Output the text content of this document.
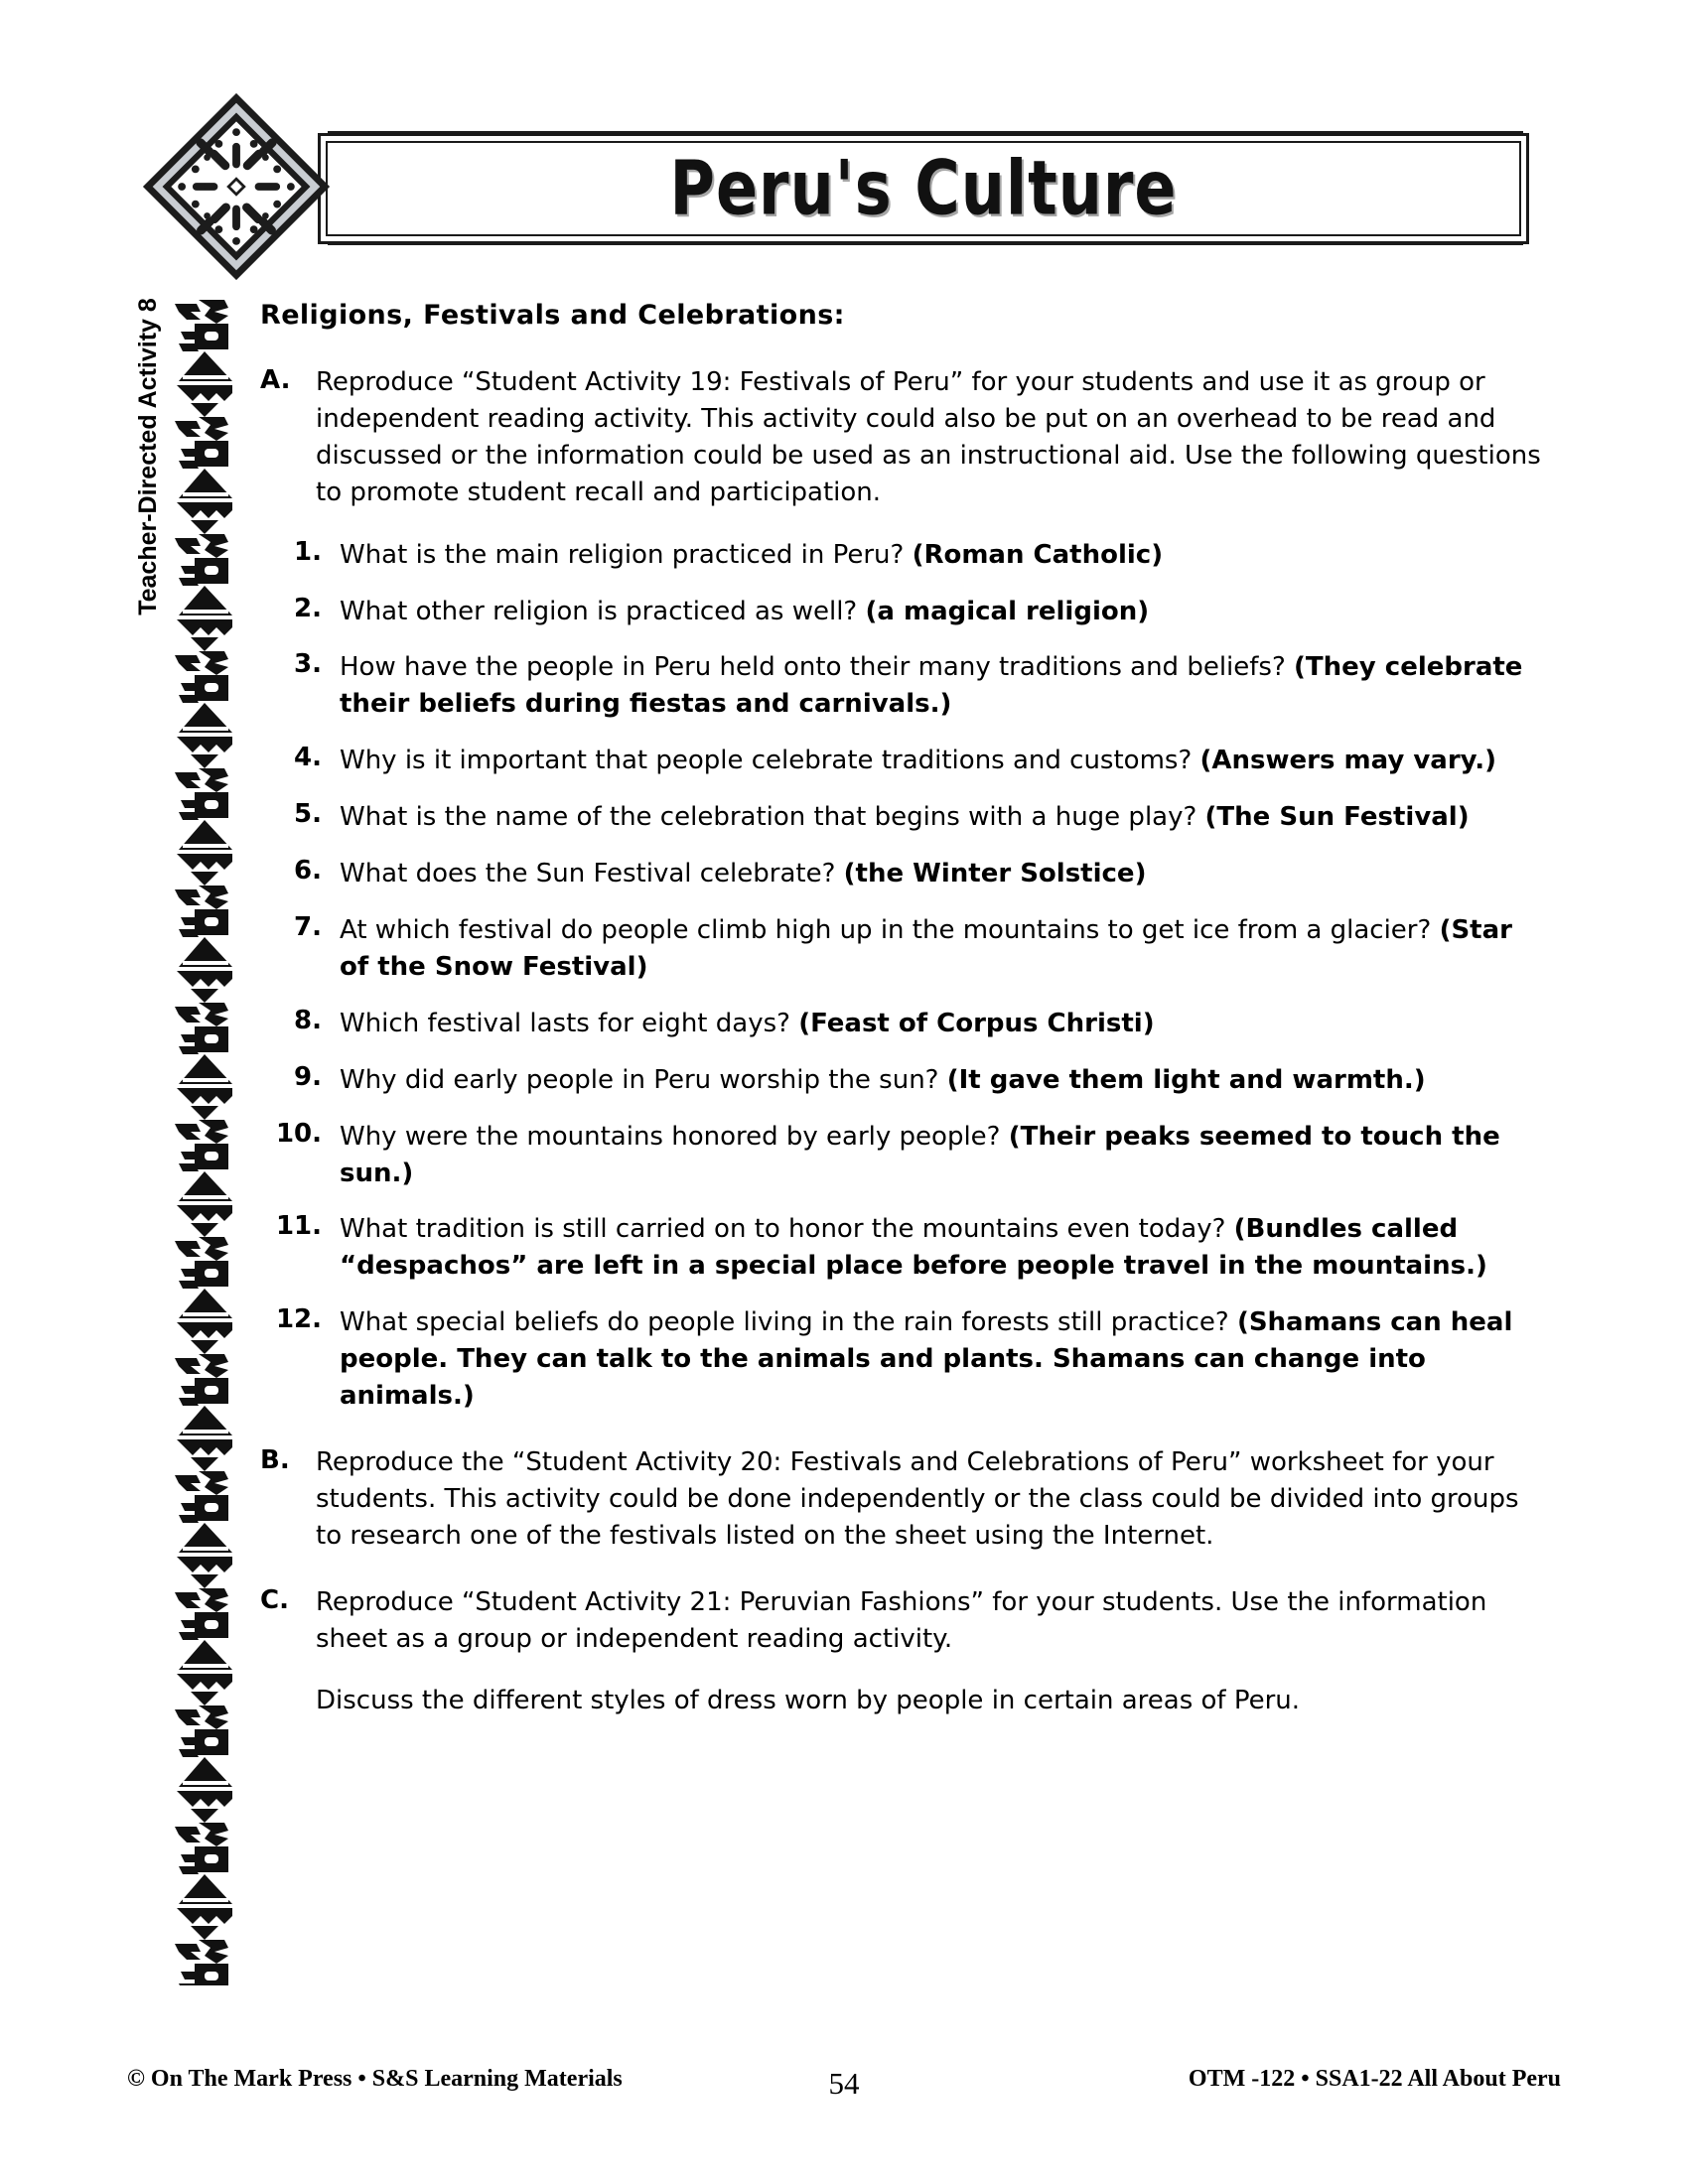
Peru's Culture
Teacher-Directed Activity 8	Religions, Festivals and Celebrations:
A. Reproduce “Student Activity 19: Festivals of Peru” for your students and use it as group or independent reading activity. This activity could also be put on an overhead to be read and discussed or the information could be used as an instructional aid. Use the following questions to promote student recall and participation.
1. What is the main religion practiced in Peru? (Roman Catholic)
2. What other religion is practiced as well? (a magical religion)
3. How have the people in Peru held onto their many traditions and beliefs? (They celebrate their beliefs during fiestas and carnivals.)
4. Why is it important that people celebrate traditions and customs? (Answers may vary.)
5. What is the name of the celebration that begins with a huge play? (The Sun Festival)
6. What does the Sun Festival celebrate? (the Winter Solstice)
7. At which festival do people climb high up in the mountains to get ice from a glacier? (Star of the Snow Festival)
8. Which festival lasts for eight days? (Feast of Corpus Christi)
9. Why did early people in Peru worship the sun? (It gave them light and warmth.)
10. Why were the mountains honored by early people? (Their peaks seemed to touch the sun.)
11. What tradition is still carried on to honor the mountains even today? (Bundles called “despachos” are left in a special place before people travel in the mountains.)
12. What special beliefs do people living in the rain forests still practice? (Shamans can heal people. They can talk to the animals and plants. Shamans can change into animals.)
B.	Reproduce the “Student Activity 20: Festivals and Celebrations of Peru” worksheet for your students. This activity could be done independently or the class could be divided into groups to research one of the festivals listed on the sheet using the Internet.
C.	Reproduce “Student Activity 21: Peruvian Fashions” for your students. Use the information sheet as a group or independent reading activity.
Discuss the different styles of dress worn by people in certain areas of Peru.
© On The Mark Press • S&S Learning Materials	54	OTM -122 • SSA1-22 All About Peru
